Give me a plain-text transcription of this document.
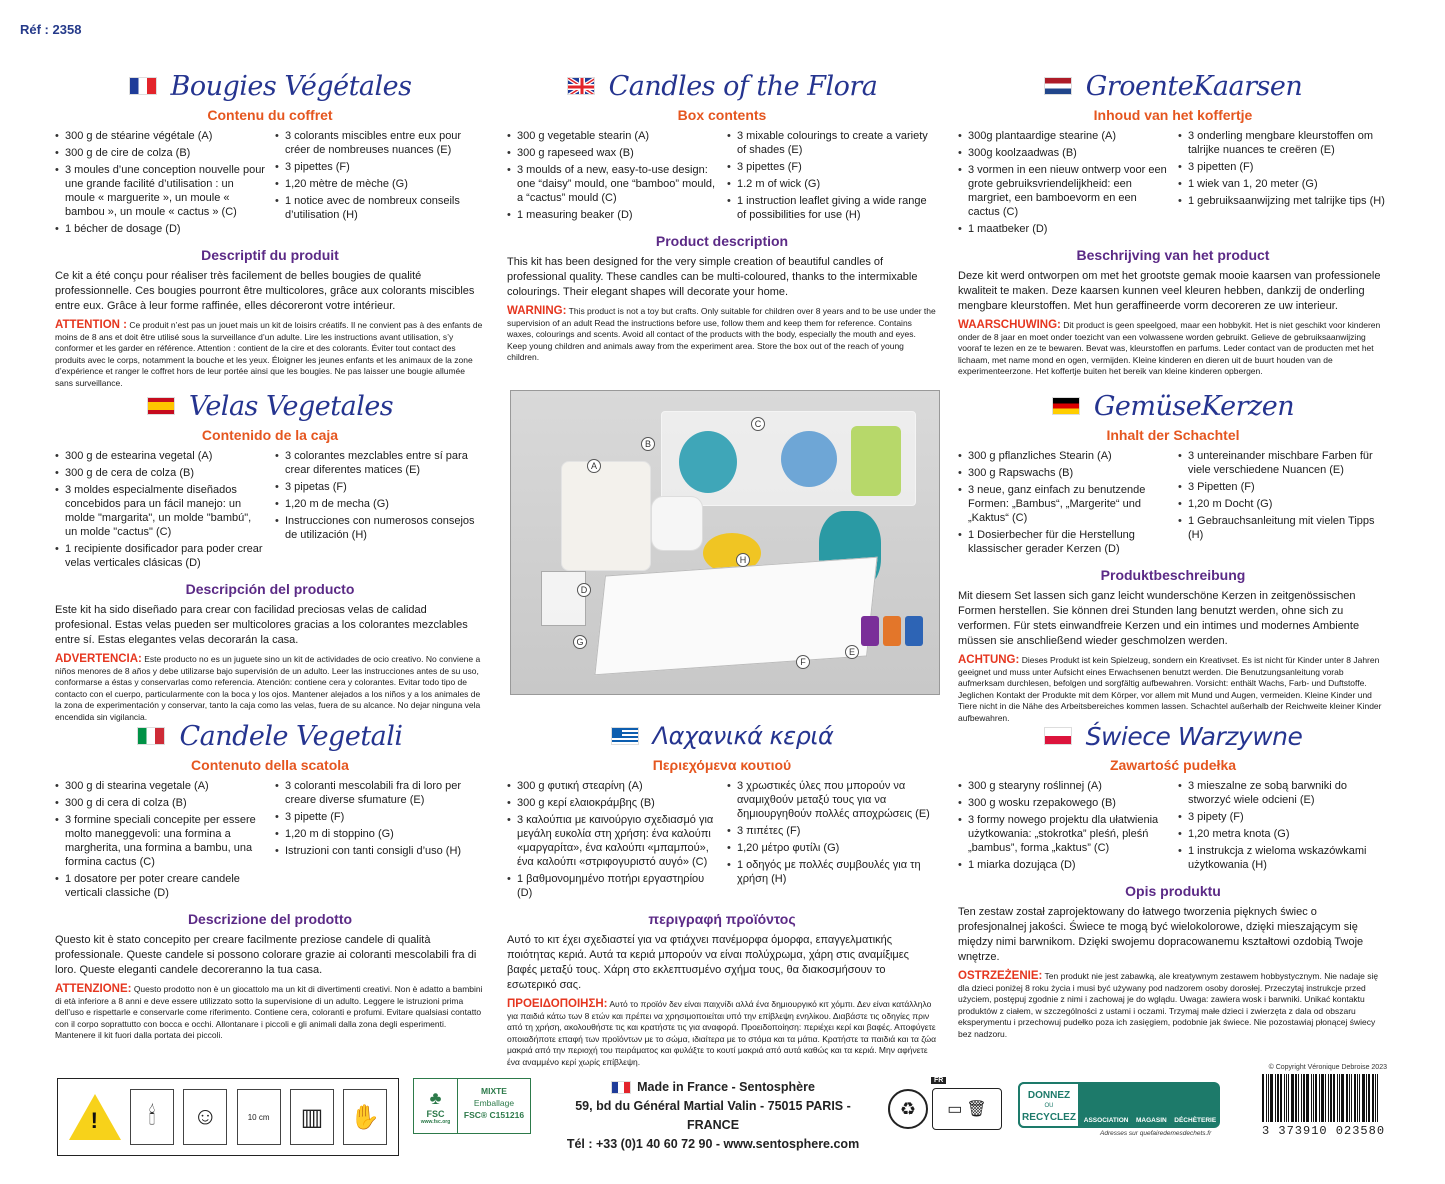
Réf : 2358
Bougies Végétales
Contenu du coffret
• 300 g de stéarine végétale (A)
• 300 g de cire de colza (B)
• 3 moules d’une conception nouvelle pour une grande facilité d’utilisation : un moule « marguerite », un moule « bambou », un moule « cactus » (C)
• 1 bécher de dosage (D)
• 3 colorants miscibles entre eux pour créer de nombreuses nuances (E)
• 3 pipettes (F)
• 1,20 mètre de mèche (G)
• 1 notice avec de nombreux conseils d’utilisation (H)
Descriptif du produit
Ce kit a été conçu pour réaliser très facilement de belles bougies de qualité professionnelle. Ces bougies pourront être multicolores, grâce aux colorants miscibles entre eux. Grâce à leur forme raffinée, elles décoreront votre intérieur.
ATTENTION : Ce produit n’est pas un jouet mais un kit de loisirs créatifs. Il ne convient pas à des enfants de moins de 8 ans et doit être utilisé sous la surveillance d’un adulte. Lire les instructions avant utilisation, s’y conformer et les garder en référence. Attention : contient de la cire et des colorants. Éviter tout contact des produits avec le corps, notamment la bouche et les yeux. Éloigner les jeunes enfants et les animaux de la zone d’expérience et ranger le coffret hors de leur portée ainsi que les bougies. Ne pas laisser une bougie allumée sans surveillance.
Candles of the Flora
Box contents
• 300 g vegetable stearin (A)
• 300 g rapeseed wax (B)
• 3 moulds of a new, easy-to-use design: one “daisy” mould, one “bamboo” mould, a “cactus” mould (C)
• 1 measuring beaker (D)
• 3 mixable colourings to create a variety of shades (E)
• 3 pipettes (F)
• 1.2 m of wick (G)
• 1 instruction leaflet giving a wide range of possibilities for use (H)
Product description
This kit has been designed for the very simple creation of beautiful candles of professional quality. These candles can be multi-coloured, thanks to the intermixable colourings. Their elegant shapes will decorate your home.
WARNING: This product is not a toy but crafts. Only suitable for children over 8 years and to be use under the supervision of an adult Read the instructions before use, follow them and keep them for reference. Contains waxes, colourings and scents. Avoid all contact of the products with the body, especially the mouth and eyes. Keep young children and animals away from the experiment area. Store the box out of the reach of young children.
GroenteKaarsen
Inhoud van het koffertje
• 300g plantaardige stearine (A)
• 300g koolzaadwas (B)
• 3 vormen in een nieuw ontwerp voor een grote gebruiksvriendelijkheid: een margriet, een bamboevorm en een cactus (C)
• 1 maatbeker (D)
• 3 onderling mengbare kleurstoffen om talrijke nuances te creëren (E)
• 3 pipetten (F)
• 1 wiek van 1, 20 meter (G)
• 1 gebruiksaanwijzing met talrijke tips (H)
Beschrijving van het product
Deze kit werd ontworpen om met het grootste gemak mooie kaarsen van professionele kwaliteit te maken. Deze kaarsen kunnen veel kleuren hebben, dankzij de onderling mengbare kleurstoffen. Met hun geraffineerde vorm decoreren ze uw interieur.
WAARSCHUWING: Dit product is geen speelgoed, maar een hobbykit. Het is niet geschikt voor kinderen onder de 8 jaar en moet onder toezicht van een volwassene worden gebruikt. Gelieve de gebruiksaanwijzing vooraf te lezen en ze te bewaren. Bevat was, kleurstoffen en parfums. Leder contact van de producten met het lichaam, met name mond en ogen, vermijden. Kleine kinderen en dieren uit de buurt houden van de experimenteerzone. Het koffertje buiten het bereik van kleine kinderen opbergen.
Velas Vegetales
Contenido de la caja
• 300 g de estearina vegetal (A)
• 300 g de cera de colza (B)
• 3 moldes especialmente diseñados concebidos para un fácil manejo: un molde "margarita", un molde "bambú", un molde "cactus" (C)
• 1 recipiente dosificador para poder crear velas verticales clásicas (D)
• 3 colorantes mezclables entre sí para crear diferentes matices (E)
• 3 pipetas (F)
• 1,20 m de mecha (G)
• Instrucciones con numerosos consejos de utilización (H)
Descripción del producto
Este kit ha sido diseñado para crear con facilidad preciosas velas de calidad profesional. Estas velas pueden ser multicolores gracias a los colorantes mezclables entre sí. Estas elegantes velas decorarán la casa.
ADVERTENCIA: Este producto no es un juguete sino un kit de actividades de ocio creativo. No conviene a niños menores de 8 años y debe utilizarse bajo supervisión de un adulto. Leer las instrucciones antes de su uso, conformarse a éstas y conservarlas como referencia. Atención: contiene cera y colorantes. Evitar todo tipo de contacto con el cuerpo, particularmente con la boca y los ojos. Mantener alejados a los niños y a los animales de la zona de experimentación y conservar, tanto la caja como las velas, fuera de su alcance. No dejar ninguna vela encendida sin vigilancia.
A
B
C
D
E
F
G
H
GemüseKerzen
Inhalt der Schachtel
• 300 g pflanzliches Stearin (A)
• 300 g Rapswachs (B)
• 3 neue, ganz einfach zu benutzende Formen: „Bambus“, „Margerite“ und „Kaktus“ (C)
• 1 Dosierbecher für die Herstellung klassischer gerader Kerzen (D)
• 3 untereinander mischbare Farben für viele verschiedene Nuancen (E)
• 3 Pipetten (F)
• 1,20 m Docht (G)
• 1 Gebrauchsanleitung mit vielen Tipps (H)
Produktbeschreibung
Mit diesem Set lassen sich ganz leicht wunderschöne Kerzen in zeitgenössischen Formen herstellen. Sie können drei Stunden lang benutzt werden, ohne sich zu verformen. Für stets einwandfreie Kerzen und ein intimes und modernes Ambiente müssen sie anschließend wieder geschmolzen werden.
ACHTUNG: Dieses Produkt ist kein Spielzeug, sondern ein Kreativset. Es ist nicht für Kinder unter 8 Jahren geeignet und muss unter Aufsicht eines Erwachsenen benutzt werden. Die Benutzungsanleitung vorab aufmerksam durchlesen, befolgen und sorgfältig aufbewahren. Vorsicht: enthält Wachs, Farb- und Duftstoffe. Jeglichen Kontakt der Produkte mit dem Körper, vor allem mit Mund und Augen, vermeiden. Kleine Kinder und Tiere nicht in die Nähe des Arbeitsbereiches kommen lassen. Schachtel außerhalb der Reichweite kleiner Kinder aufbewahren.
Candele Vegetali
Contenuto della scatola
• 300 g di stearina vegetale (A)
• 300 g di cera di colza (B)
• 3 formine speciali concepite per essere molto maneggevoli: una formina a margherita, una formina a bambu, una formina cactus (C)
• 1 dosatore per poter creare candele verticali classiche (D)
• 3 coloranti mescolabili fra di loro per creare diverse sfumature (E)
• 3 pipette (F)
• 1,20 m di stoppino (G)
• Istruzioni con tanti consigli d’uso (H)
Descrizione del prodotto
Questo kit è stato concepito per creare facilmente preziose candele di qualità professionale. Queste candele si possono colorare grazie ai coloranti mescolabili fra di loro. Queste eleganti candele decoreranno la tua casa.
ATTENZIONE: Questo prodotto non è un giocattolo ma un kit di divertimenti creativi. Non è adatto a bambini di età inferiore a 8 anni e deve essere utilizzato sotto la supervisione di un adulto. Leggere le istruzioni prima dell’uso e rispettarle e conservarle come riferimento. Contiene cera, coloranti e profumi. Evitare qualsiasi contatto con il corpo soprattutto con bocca e occhi. Allontanare i piccoli e gli animali dalla zona degli esperimenti. Mantenere il kit fuori dalla portata dei piccoli.
Λαχανικά κεριά
Περιεχόμενα κουτιού
• 300 g φυτική στεαρίνη (A)
• 300 g κερί ελαιοκράμβης (B)
• 3 καλούπια με καινούργιο σχεδιασμό για μεγάλη ευκολία στη χρήση: ένα καλούπι «μαργαρίτα», ένα καλούπι «μπαμπού», ένα καλούπι «στριφογυριστό αυγό» (C)
• 1 βαθμονομημένο ποτήρι εργαστηρίου (D)
• 3 χρωστικές ύλες που μπορούν να αναμιχθούν μεταξύ τους για να δημιουργηθούν πολλές αποχρώσεις (E)
• 3 πιπέτες (F)
• 1,20 μέτρο φυτίλι (G)
• 1 οδηγός με πολλές συμβουλές για τη χρήση (H)
περιγραφή προϊόντος
Αυτό το κιτ έχει σχεδιαστεί για να φτιάχνει πανέμορφα όμορφα, επαγγελματικής ποιότητας κεριά. Αυτά τα κεριά μπορούν να είναι πολύχρωμα, χάρη στις αναμίξιμες βαφές μεταξύ τους. Χάρη στο εκλεπτυσμένο σχήμα τους, θα διακοσμήσουν το εσωτερικό σας.
ΠΡΟΕΙΔΟΠΟΙΗΣΗ: Αυτό το προϊόν δεν είναι παιχνίδι αλλά ένα δημιουργικό κιτ χόμπι. Δεν είναι κατάλληλο για παιδιά κάτω των 8 ετών και πρέπει να χρησιμοποιείται υπό την επίβλεψη ενηλίκου. Διαβάστε τις οδηγίες πριν από τη χρήση, ακολουθήστε τις και κρατήστε τις για αναφορά. Προειδοποίηση: περιέχει κερί και βαφές. Αποφύγετε οποιαδήποτε επαφή των προϊόντων με το σώμα, ιδιαίτερα με το στόμα και τα μάτια. Κρατήστε τα παιδιά και τα ζώα μακριά από την περιοχή του πειράματος και φυλάξτε το κουτί μακριά από αυτά καθώς και τα κεριά. Μην αφήνετε ένα αναμμένο κερί χωρίς επίβλεψη.
Świece Warzywne
Zawartość pudełka
• 300 g stearyny roślinnej (A)
• 300 g wosku rzepakowego (B)
• 3 formy nowego projektu dla ułatwienia użytkowania: „stokrotka” pleśń, pleśń „bambus”, forma „kaktus” (C)
• 1 miarka dozująca (D)
• 3 mieszalne ze sobą barwniki do stworzyć wiele odcieni (E)
• 3 pipety (F)
• 1,20 metra knota (G)
• 1 instrukcja z wieloma wskazówkami użytkowania (H)
Opis produktu
Ten zestaw został zaprojektowany do łatwego tworzenia pięknych świec o profesjonalnej jakości. Świece te mogą być wielokolorowe, dzięki mieszającym się między nimi barwnikom. Dzięki swojemu dopracowanemu kształtowi ozdobią Twoje wnętrze.
OSTRZEŻENIE: Ten produkt nie jest zabawką, ale kreatywnym zestawem hobbystycznym. Nie nadaje się dla dzieci poniżej 8 roku życia i musi być używany pod nadzorem osoby dorosłej. Przeczytaj instrukcje przed użyciem, postępuj zgodnie z nimi i zachowaj je do wglądu. Uwaga: zawiera wosk i barwniki. Unikać kontaktu produktów z ciałem, w szczególności z ustami i oczami. Trzymaj małe dzieci i zwierzęta z dala od obszaru eksperymentu i przechowuj pudełko poza ich zasięgiem, podobnie jak świece. Nie pozostawiaj płonącej świecy bez nadzoru.
© Copyright Véronique Debroise 2023
!	🕯	☺	10 cm	▥	✋
♣
FSC
www.fsc.org
MIXTE
Emballage
FSC® C151216
Made in France - Sentosphère
59, bd du Général Martial Valin - 75015 PARIS - FRANCE
Tél : +33 (0)1 40 60 72 90 - www.sentosphere.com
♻
FR
▭ 🗑
DONNEZ
OU
RECYCLEZ	ASSOCIATION MAGASIN DÉCHÈTERIE
Adresses sur quefairedemesdechets.fr	3 373910 023580
